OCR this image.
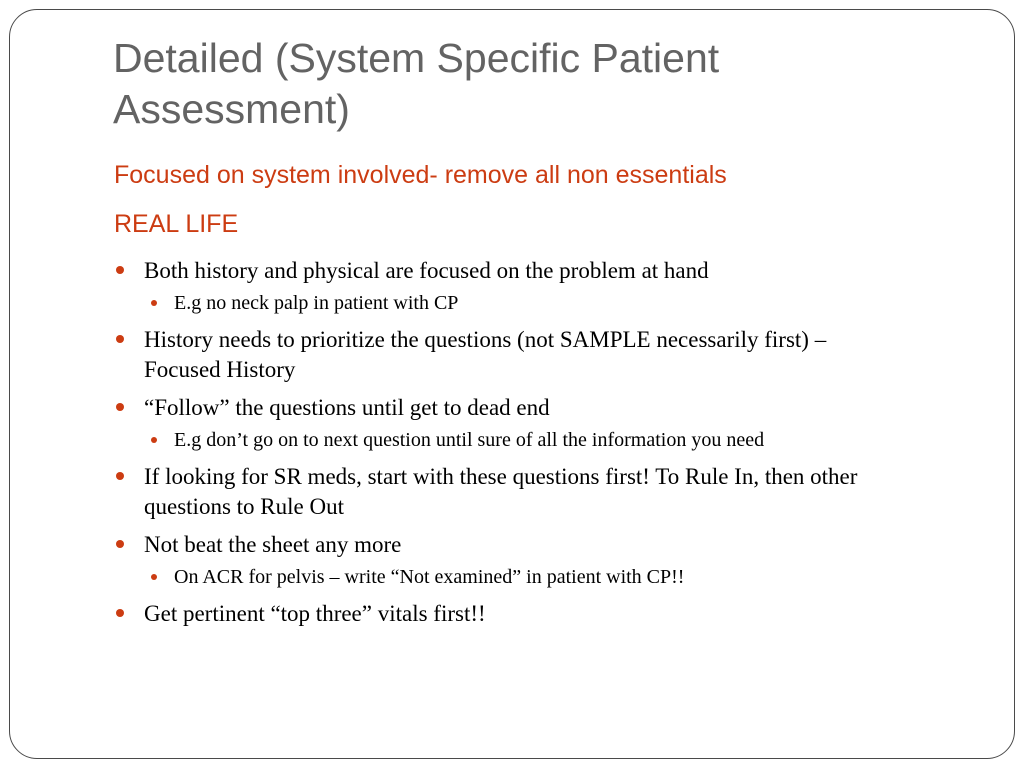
Detailed (System Specific Patient Assessment)

Focused on system involved- remove all non essentials

REAL LIFE

Both history and physical are focused on the problem at hand
E.g no neck palp in patient with CP
History needs to prioritize the questions (not SAMPLE necessarily first) – Focused History
“Follow” the questions until get to dead end
E.g don’t go on to next question until sure of all the information you need
If looking for SR meds, start with these questions first! To Rule In, then other questions to Rule Out
Not beat the sheet any more
On ACR for pelvis – write “Not examined” in patient with CP!!
Get pertinent “top three” vitals first!!
